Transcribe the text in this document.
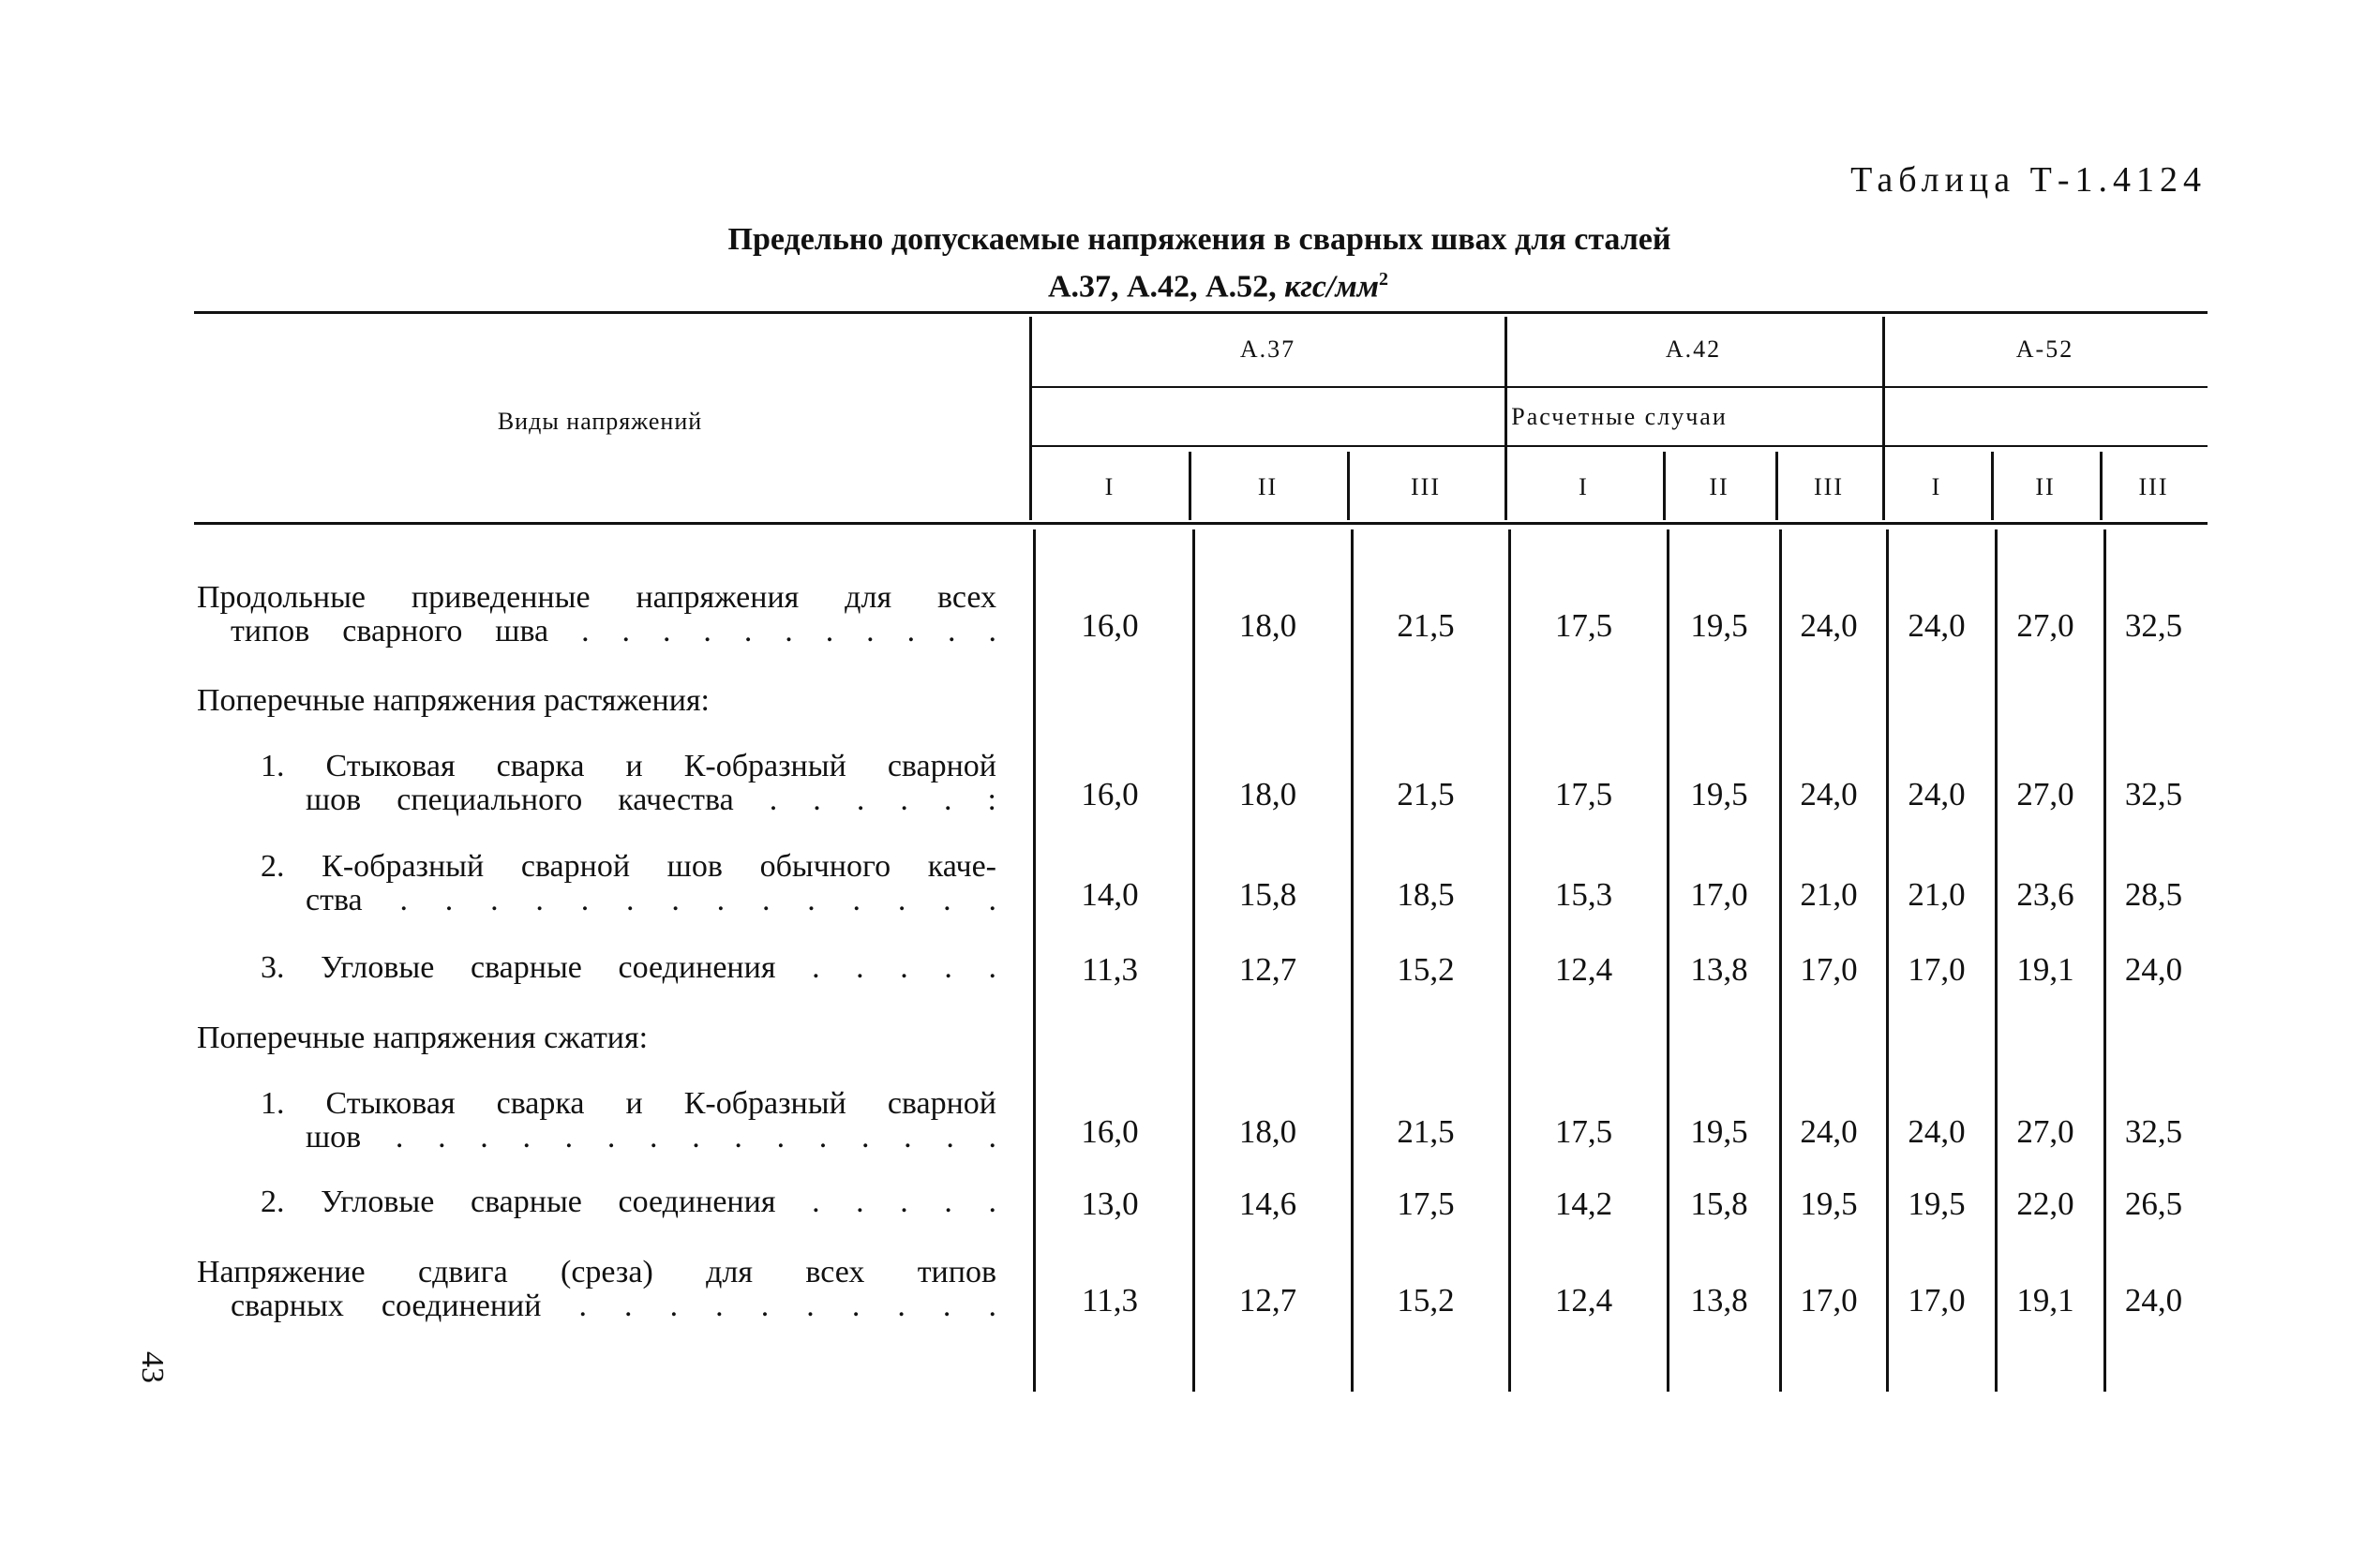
Таблица Т-1.4124
Предельно допускаемые напряжения в сварных швах для сталей
А.37, А.42, А.52, кгс/$мм^2$
Виды напряжений
А.37	А.42	А-52
Расчетные случаи
I	II	III	I	II	III	I	II	III
Продольные приведенные напряжения для всех
типов сварного шва . . . . . . . . . . .	16,0	18,0	21,5	17,5	19,5	24,0	24,0	27,0	32,5
Поперечные напряжения растяжения:
1. Стыковая сварка и К-образный сварной
шов специального качества . . . . . :	16,0	18,0	21,5	17,5	19,5	24,0	24,0	27,0	32,5
2. К-образный сварной шов обычного каче-
ства . . . . . . . . . . . . . .	14,0	15,8	18,5	15,3	17,0	21,0	21,0	23,6	28,5
3. Угловые сварные соединения . . . . .	11,3	12,7	15,2	12,4	13,8	17,0	17,0	19,1	24,0
Поперечные напряжения сжатия:
1. Стыковая сварка и К-образный сварной
шов . . . . . . . . . . . . . . .	16,0	18,0	21,5	17,5	19,5	24,0	24,0	27,0	32,5
2. Угловые сварные соединения . . . . .	13,0	14,6	17,5	14,2	15,8	19,5	19,5	22,0	26,5
Напряжение сдвига (среза) для всех типов
сварных соединений . . . . . . . . . .	11,3	12,7	15,2	12,4	13,8	17,0	17,0	19,1	24,0
43
